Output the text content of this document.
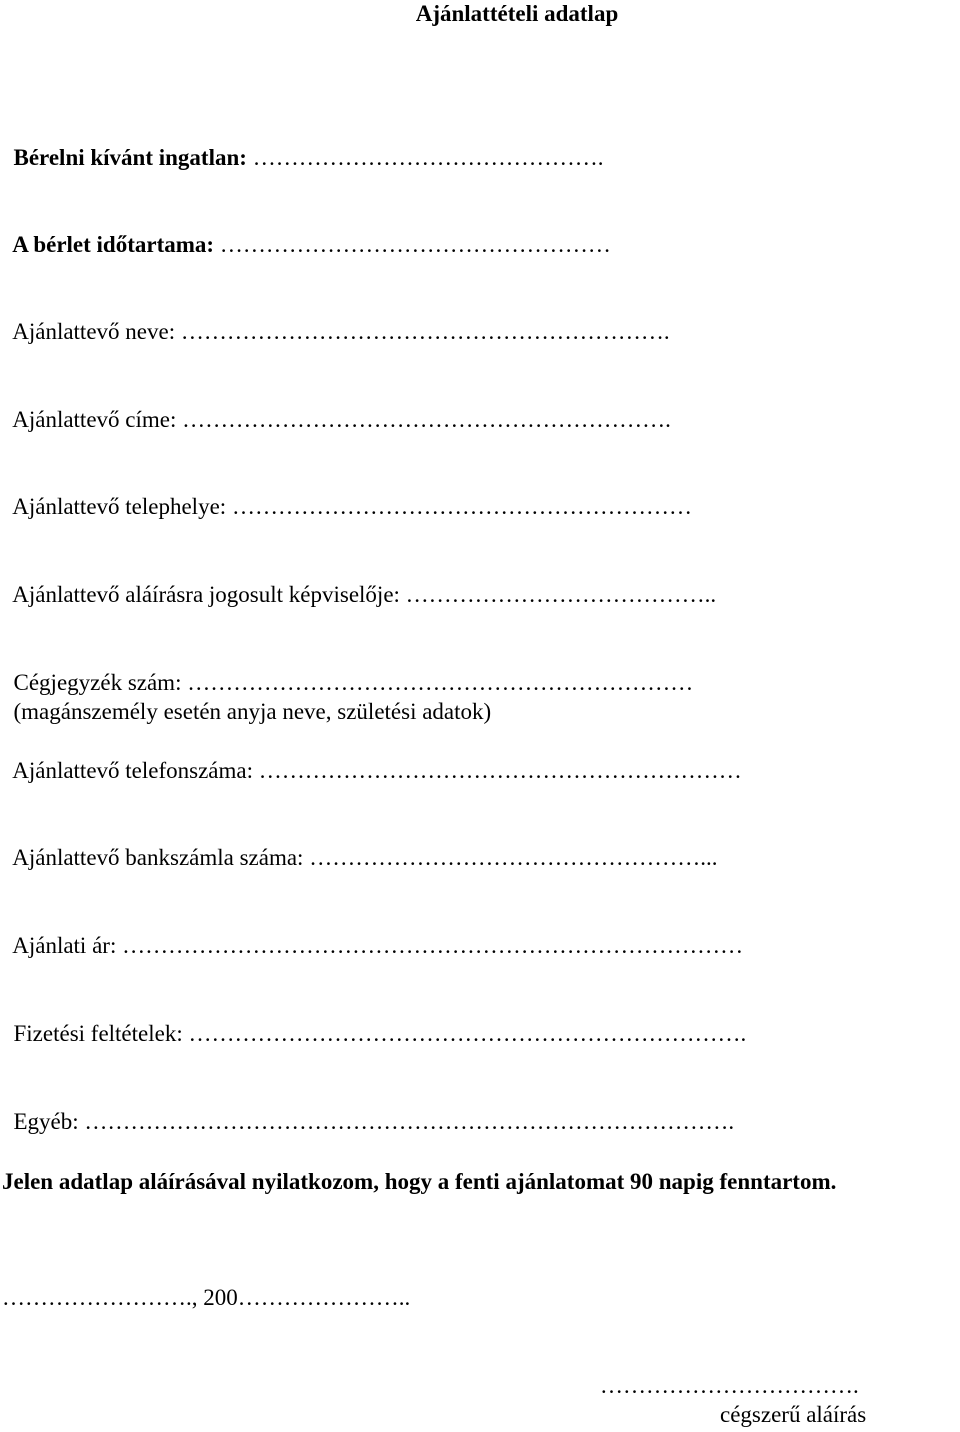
Ajánlattételi adatlap

Bérelni kívánt ingatlan: ……………………………………….

A bérlet időtartama: ……………………………………………

Ajánlattevő neve: ……………………………………………………….

Ajánlattevő címe: ……………………………………………………….

Ajánlattevő telephelye: ……………………………………………………

Ajánlattevő aláírásra jogosult képviselője: …………………………………..

Cégjegyzék szám: …………………………………………………………

(magánszemély esetén anyja neve, születési adatok)

Ajánlattevő telefonszáma: ………………………………………………………

Ajánlattevő bankszámla száma: ……………………………………………...

Ajánlati ár: ………………………………………………………………………

Fizetési feltételek: ……………………………………………………………….

Egyéb: ………………………………………………………………………….

Jelen adatlap aláírásával nyilatkozom, hogy a fenti ajánlatomat 90 napig fenntartom.
……………………., 200…………………..
…………………………….
cégszerű aláírás
